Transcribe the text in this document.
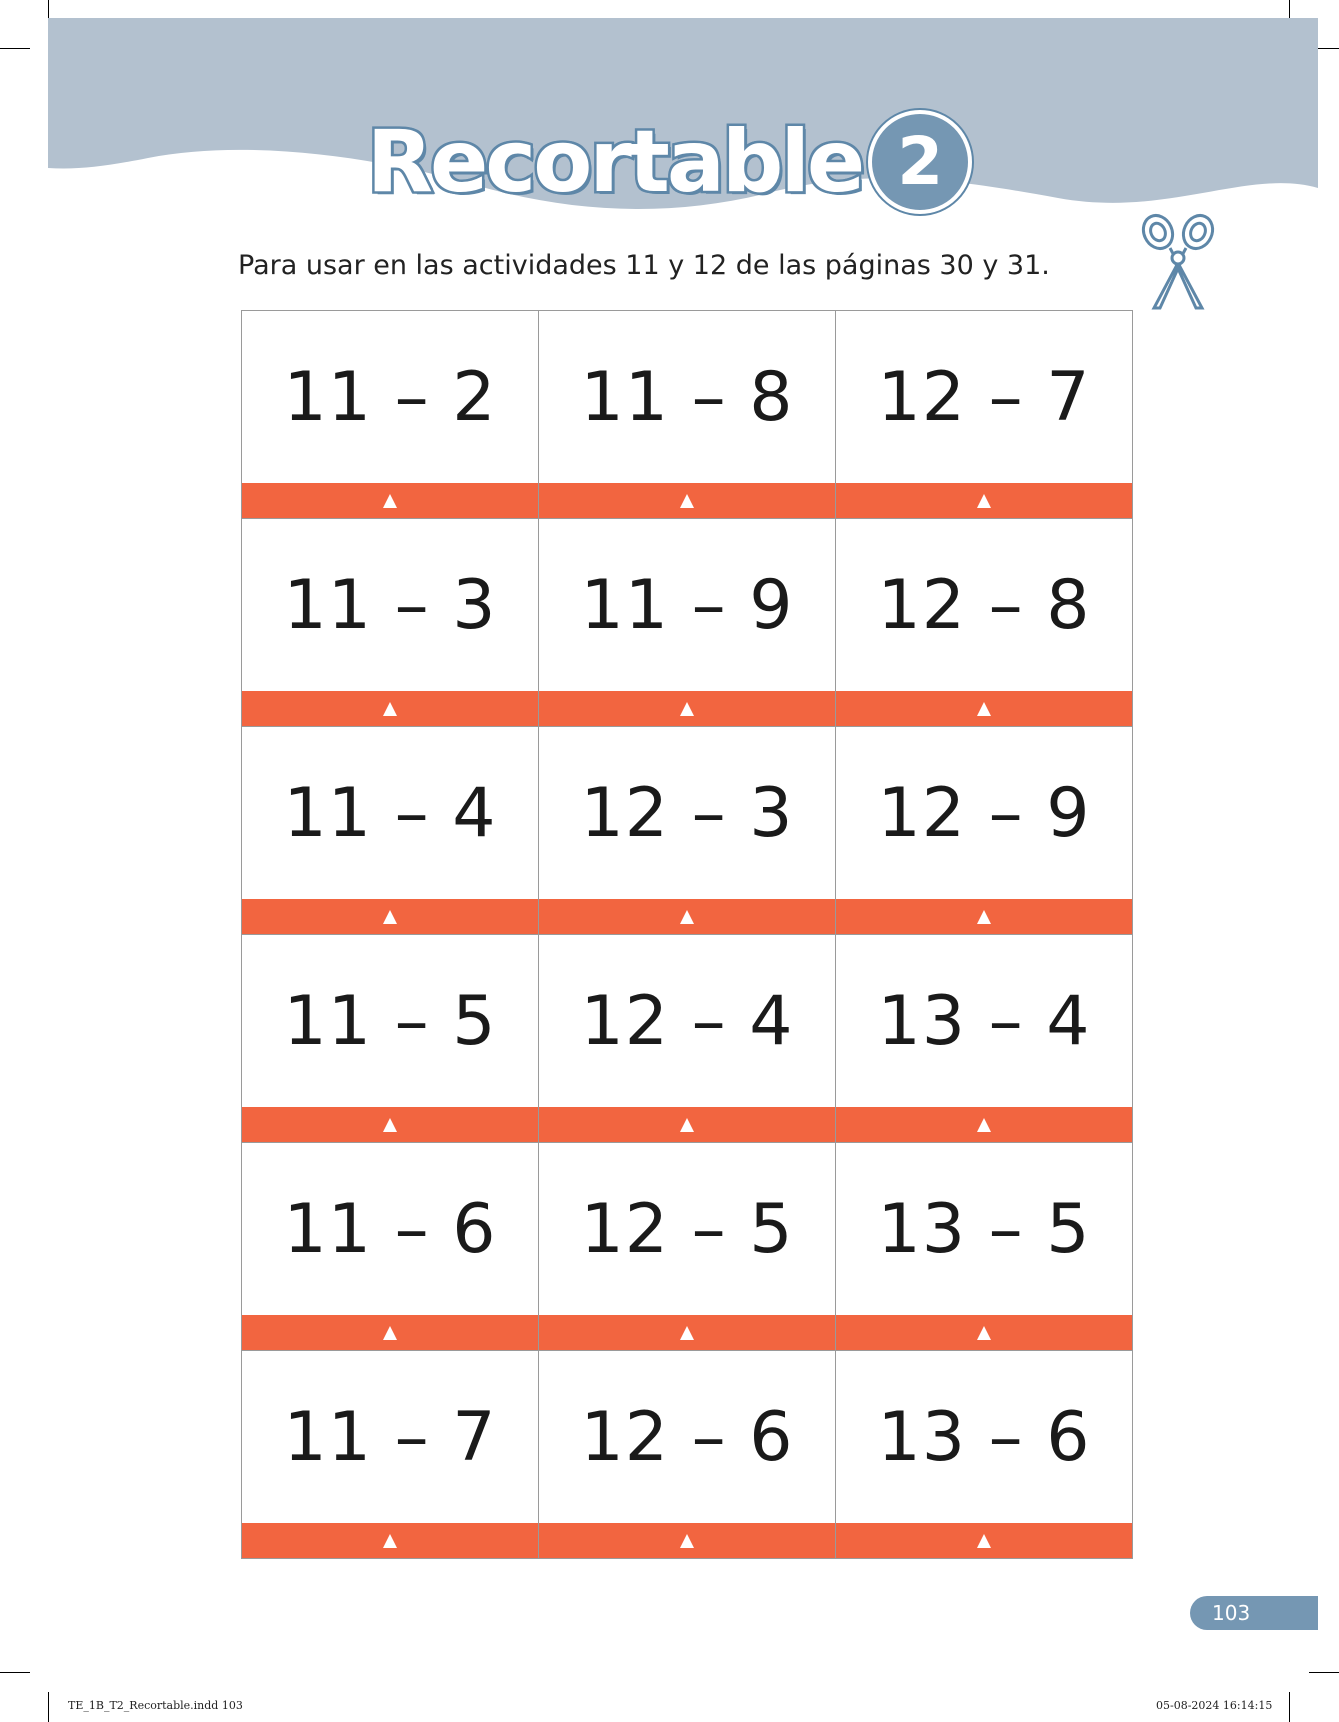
Recortable 2
Para usar en las actividades 11 y 12 de las páginas 30 y 31.
11 – 2	11 – 8	12 – 7
11 – 3	11 – 9	12 – 8
11 – 4	12 – 3	12 – 9
11 – 5	12 – 4	13 – 4
11 – 6	12 – 5	13 – 5
11 – 7	12 – 6	13 – 6
103
TE_1B_T2_Recortable.indd 103	05-08-2024 16:14:15
